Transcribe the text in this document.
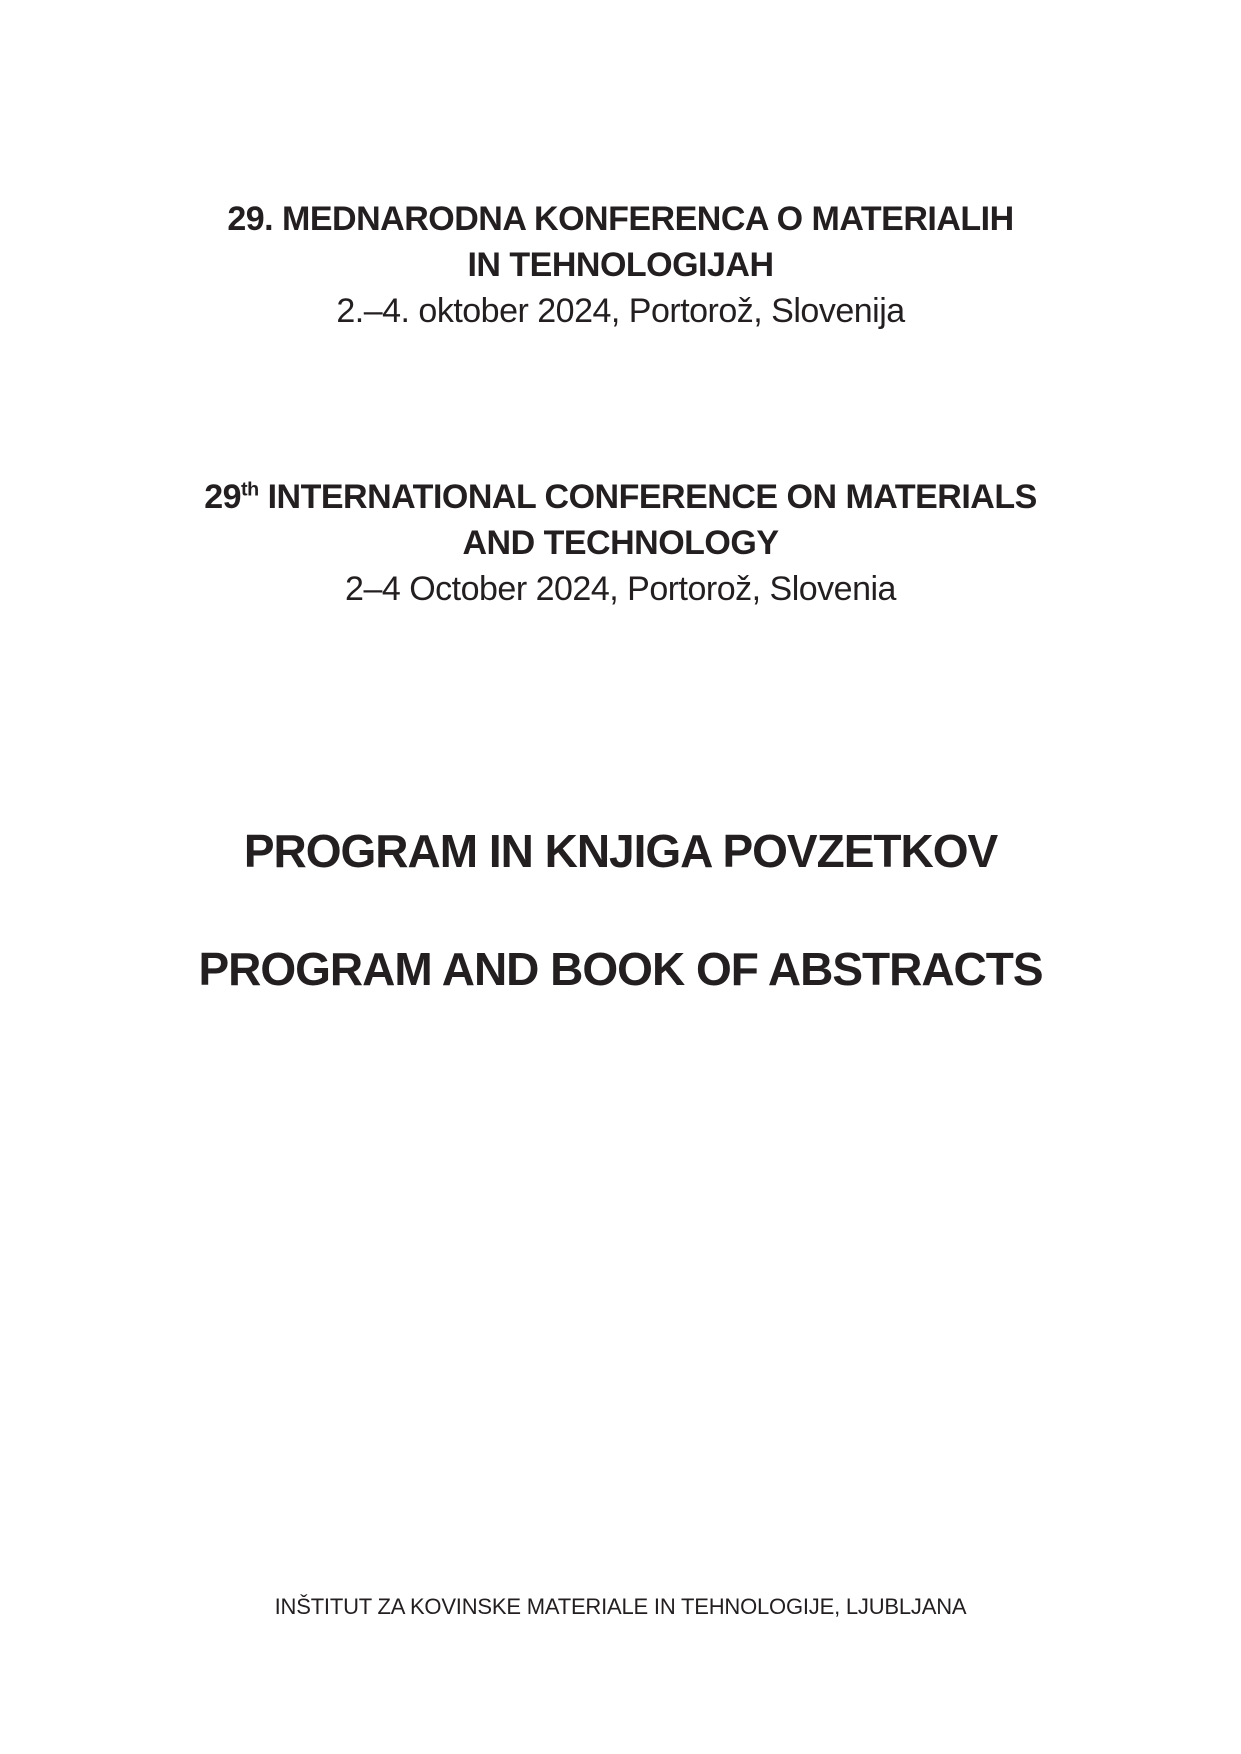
29. MEDNARODNA KONFERENCA O MATERIALIH
IN TEHNOLOGIJAH
2.–4. oktober 2024, Portorož, Slovenija
29th INTERNATIONAL CONFERENCE ON MATERIALS
AND TECHNOLOGY
2–4 October 2024, Portorož, Slovenia
PROGRAM IN KNJIGA POVZETKOV
PROGRAM AND BOOK OF ABSTRACTS
INŠTITUT ZA KOVINSKE MATERIALE IN TEHNOLOGIJE, LJUBLJANA
